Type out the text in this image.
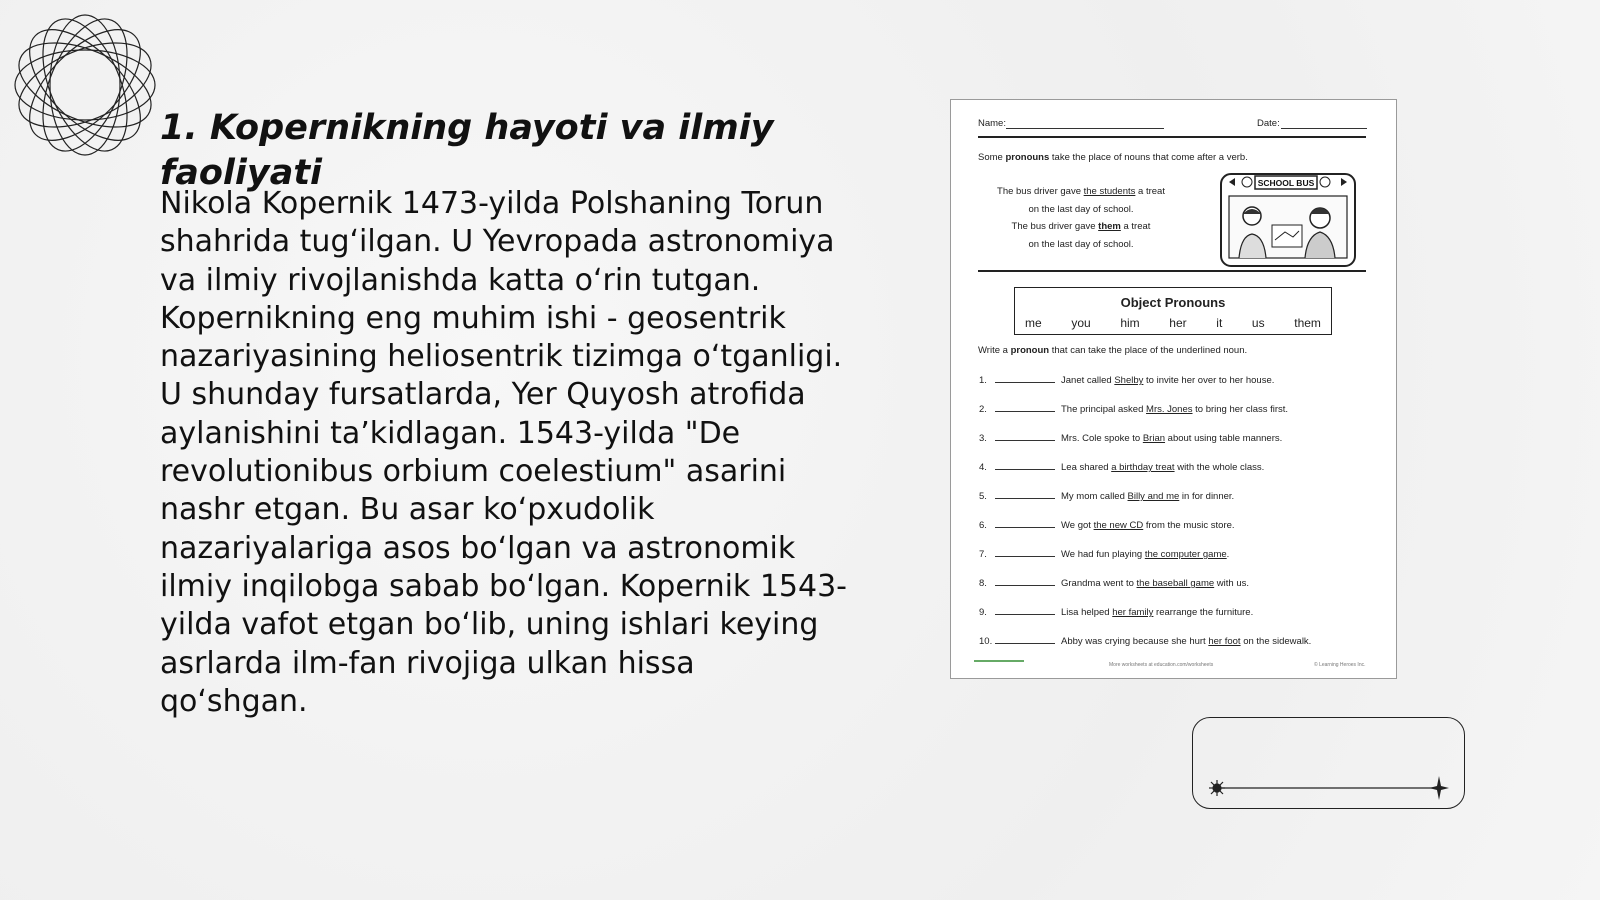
1. Kopernikning hayoti va ilmiy faoliyati

Nikola Kopernik 1473-yilda Polshaning Torun shahrida tug‘ilgan. U Yevropada astronomiya va ilmiy rivojlanishda katta o‘rin tutgan. Kopernikning eng muhim ishi - geosentrik nazariyasining heliosentrik tizimga o‘tganligi. U shunday fursatlarda, Yer Quyosh atrofida aylanishini ta’kidlagan. 1543-yilda "De revolutionibus orbium coelestium" asarini nashr etgan. Bu asar ko‘pxudolik nazariyalariga asos bo‘lgan va astronomik ilmiy inqilobga sabab bo‘lgan. Kopernik 1543-yilda vafot etgan bo‘lib, uning ishlari keying asrlarda ilm-fan rivojiga ulkan hissa qo‘shgan.

Name:	Date:
Some pronouns take the place of nouns that come after a verb.
The bus driver gave the students a treat
on the last day of school.
The bus driver gave them a treat
on the last day of school.
SCHOOL BUS
Object Pronouns
me you him her it us them
Write a pronoun that can take the place of the underlined noun.
1.	Janet called Shelby to invite her over to her house.
2.	The principal asked Mrs. Jones to bring her class first.
3.	Mrs. Cole spoke to Brian about using table manners.
4.	Lea shared a birthday treat with the whole class.
5.	My mom called Billy and me in for dinner.
6.	We got the new CD from the music store.
7.	We had fun playing the computer game.
8.	Grandma went to the baseball game with us.
9.	Lisa helped her family rearrange the furniture.
10.	Abby was crying because she hurt her foot on the sidewalk.
More worksheets at education.com/worksheets	© Learning Heroes Inc.
